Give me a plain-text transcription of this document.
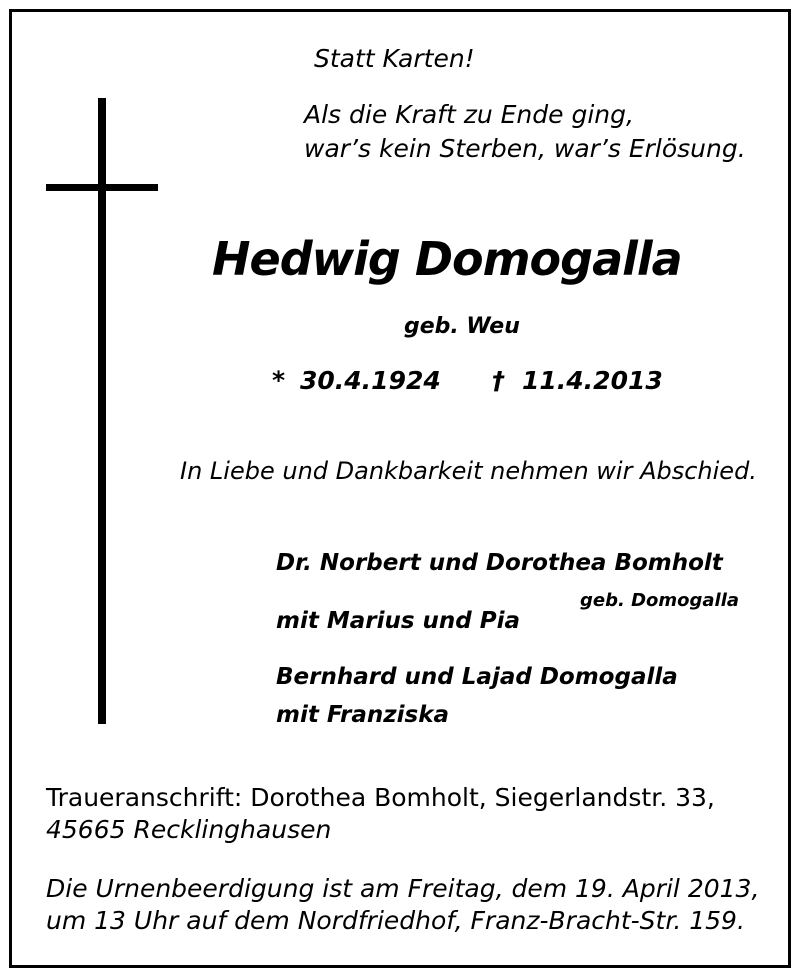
Statt Karten!
Als die Kraft zu Ende ging,
war’s kein Sterben, war’s Erlösung.
Hedwig Domogalla
geb. Weu
* 30.4.1924 † 11.4.2013
In Liebe und Dankbarkeit nehmen wir Abschied.
Dr. Norbert und Dorothea Bomholt
geb. Domogalla
mit Marius und Pia
Bernhard und Lajad Domogalla
mit Franziska
Traueranschrift: Dorothea Bomholt, Siegerlandstr. 33,
45665 Recklinghausen
Die Urnenbeerdigung ist am Freitag, dem 19. April 2013,
um 13 Uhr auf dem Nordfriedhof, Franz-Bracht-Str. 159.
